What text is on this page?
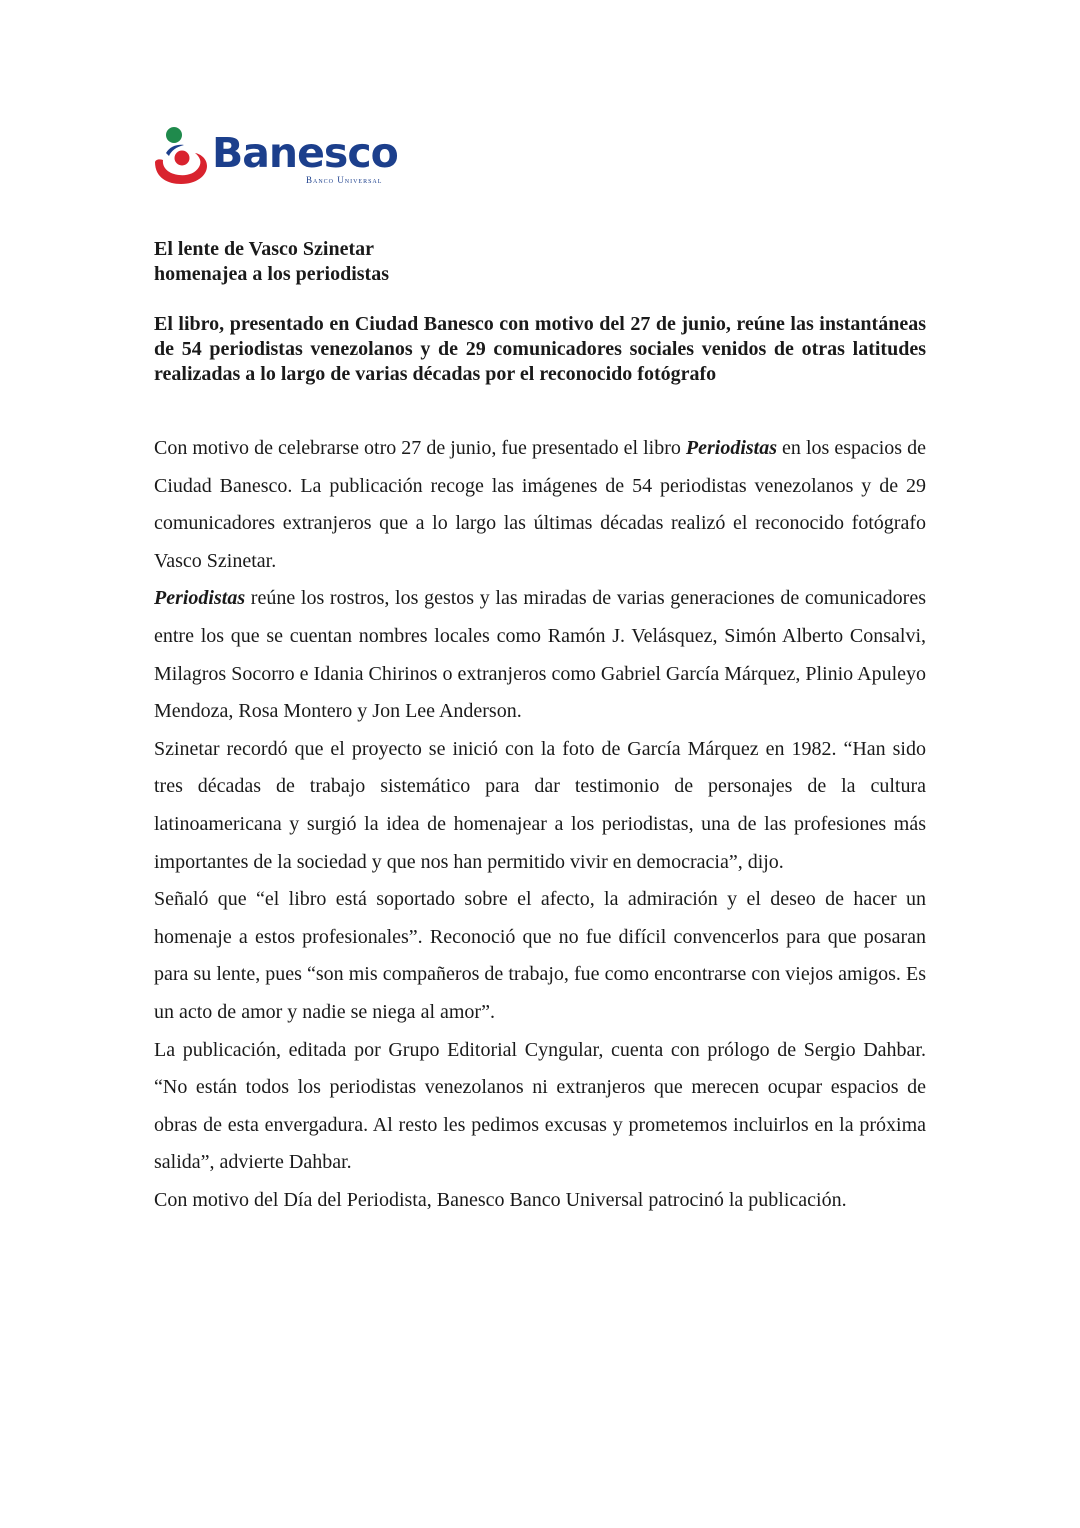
Banesco
Banco Universal
El lente de Vasco Szinetar
homenajea a los periodistas

El libro, presentado en Ciudad Banesco con motivo del 27 de junio, reúne las instantáneas de 54 periodistas venezolanos y de 29 comunicadores sociales venidos de otras latitudes realizadas a lo largo de varias décadas por el reconocido fotógrafo

Con motivo de celebrarse otro 27 de junio, fue presentado el libro Periodistas en los espacios de Ciudad Banesco. La publicación recoge las imágenes de 54 periodistas venezolanos y de 29 comunicadores extranjeros que a lo largo las últimas décadas realizó el reconocido fotógrafo Vasco Szinetar.

Periodistas reúne los rostros, los gestos y las miradas de varias generaciones de comunicadores entre los que se cuentan nombres locales como Ramón J. Velásquez, Simón Alberto Consalvi, Milagros Socorro e Idania Chirinos o extranjeros como Gabriel García Márquez, Plinio Apuleyo Mendoza, Rosa Montero y Jon Lee Anderson.

Szinetar recordó que el proyecto se inició con la foto de García Márquez en 1982. “Han sido tres décadas de trabajo sistemático para dar testimonio de personajes de la cultura latinoamericana y surgió la idea de homenajear a los periodistas, una de las profesiones más importantes de la sociedad y que nos han permitido vivir en democracia”, dijo.

Señaló que “el libro está soportado sobre el afecto, la admiración y el deseo de hacer un homenaje a estos profesionales”. Reconoció que no fue difícil convencerlos para que posaran para su lente, pues “son mis compañeros de trabajo, fue como encontrarse con viejos amigos. Es un acto de amor y nadie se niega al amor”.

La publicación, editada por Grupo Editorial Cyngular, cuenta con prólogo de Sergio Dahbar. “No están todos los periodistas venezolanos ni extranjeros que merecen ocupar espacios de obras de esta envergadura. Al resto les pedimos excusas y prometemos incluirlos en la próxima salida”, advierte Dahbar.

Con motivo del Día del Periodista, Banesco Banco Universal patrocinó la publicación.
